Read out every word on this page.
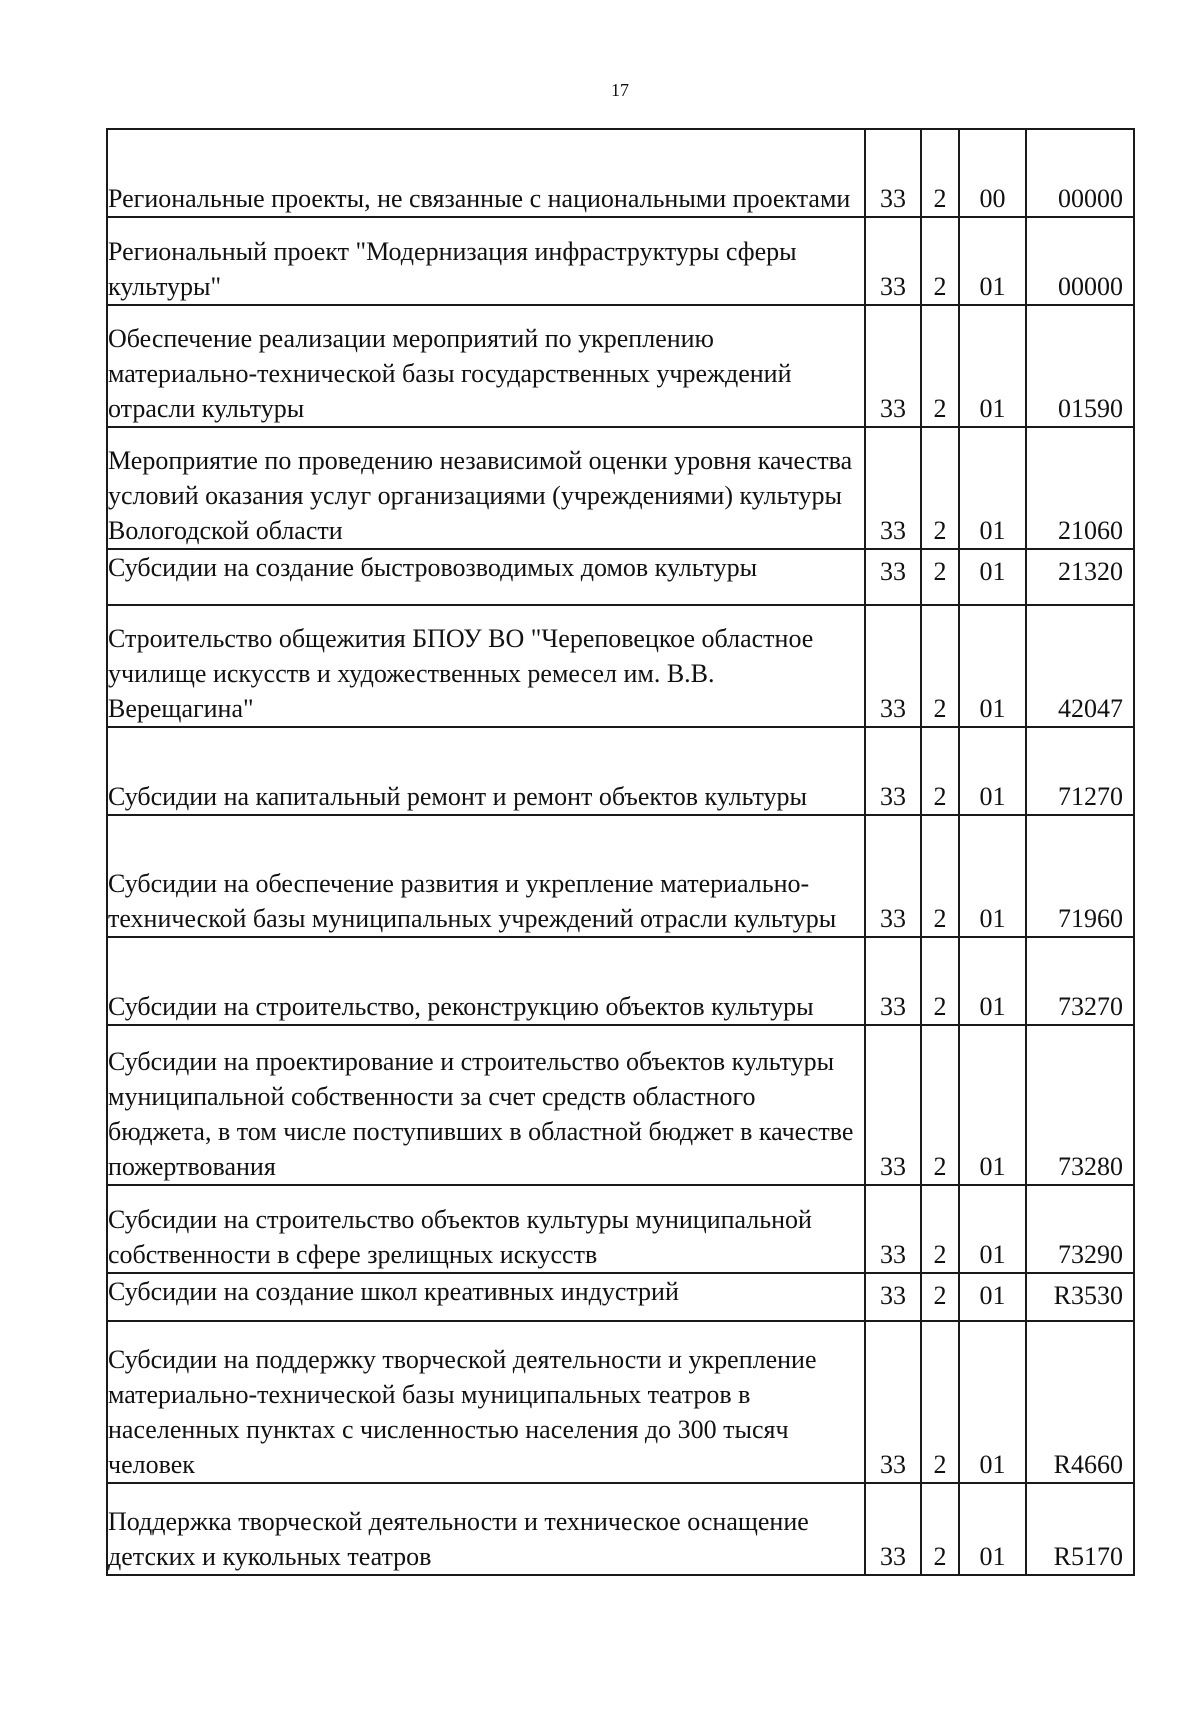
17
Региональные проекты, не связанные с национальными проектами	33	2	00	00000
Региональный проект "Модернизация инфраструктуры сферы культуры"	33	2	01	00000
Обеспечение реализации мероприятий по укреплению материально-технической базы государственных учреждений отрасли культуры	33	2	01	01590
Мероприятие по проведению независимой оценки уровня качества условий оказания услуг организациями (учреждениями) культуры Вологодской области	33	2	01	21060
Субсидии на создание быстровозводимых домов культуры	33	2	01	21320
Строительство общежития БПОУ ВО "Череповецкое областное училище искусств и художественных ремесел им. В.В. Верещагина"	33	2	01	42047
Субсидии на капитальный ремонт и ремонт объектов культуры	33	2	01	71270
Субсидии на обеспечение развития и укрепление материально-технической базы муниципальных учреждений отрасли культуры	33	2	01	71960
Субсидии на строительство, реконструкцию объектов культуры	33	2	01	73270
Субсидии на проектирование и строительство объектов культуры муниципальной собственности за счет средств областного бюджета, в том числе поступивших в областной бюджет в качестве пожертвования	33	2	01	73280
Субсидии на строительство объектов культуры муниципальной собственности в сфере зрелищных искусств	33	2	01	73290
Субсидии на создание школ креативных индустрий	33	2	01	R3530
Субсидии на поддержку творческой деятельности и укрепление материально-технической базы муниципальных театров в населенных пунктах с численностью населения до 300 тысяч человек	33	2	01	R4660
Поддержка творческой деятельности и техническое оснащение детских и кукольных театров	33	2	01	R5170
